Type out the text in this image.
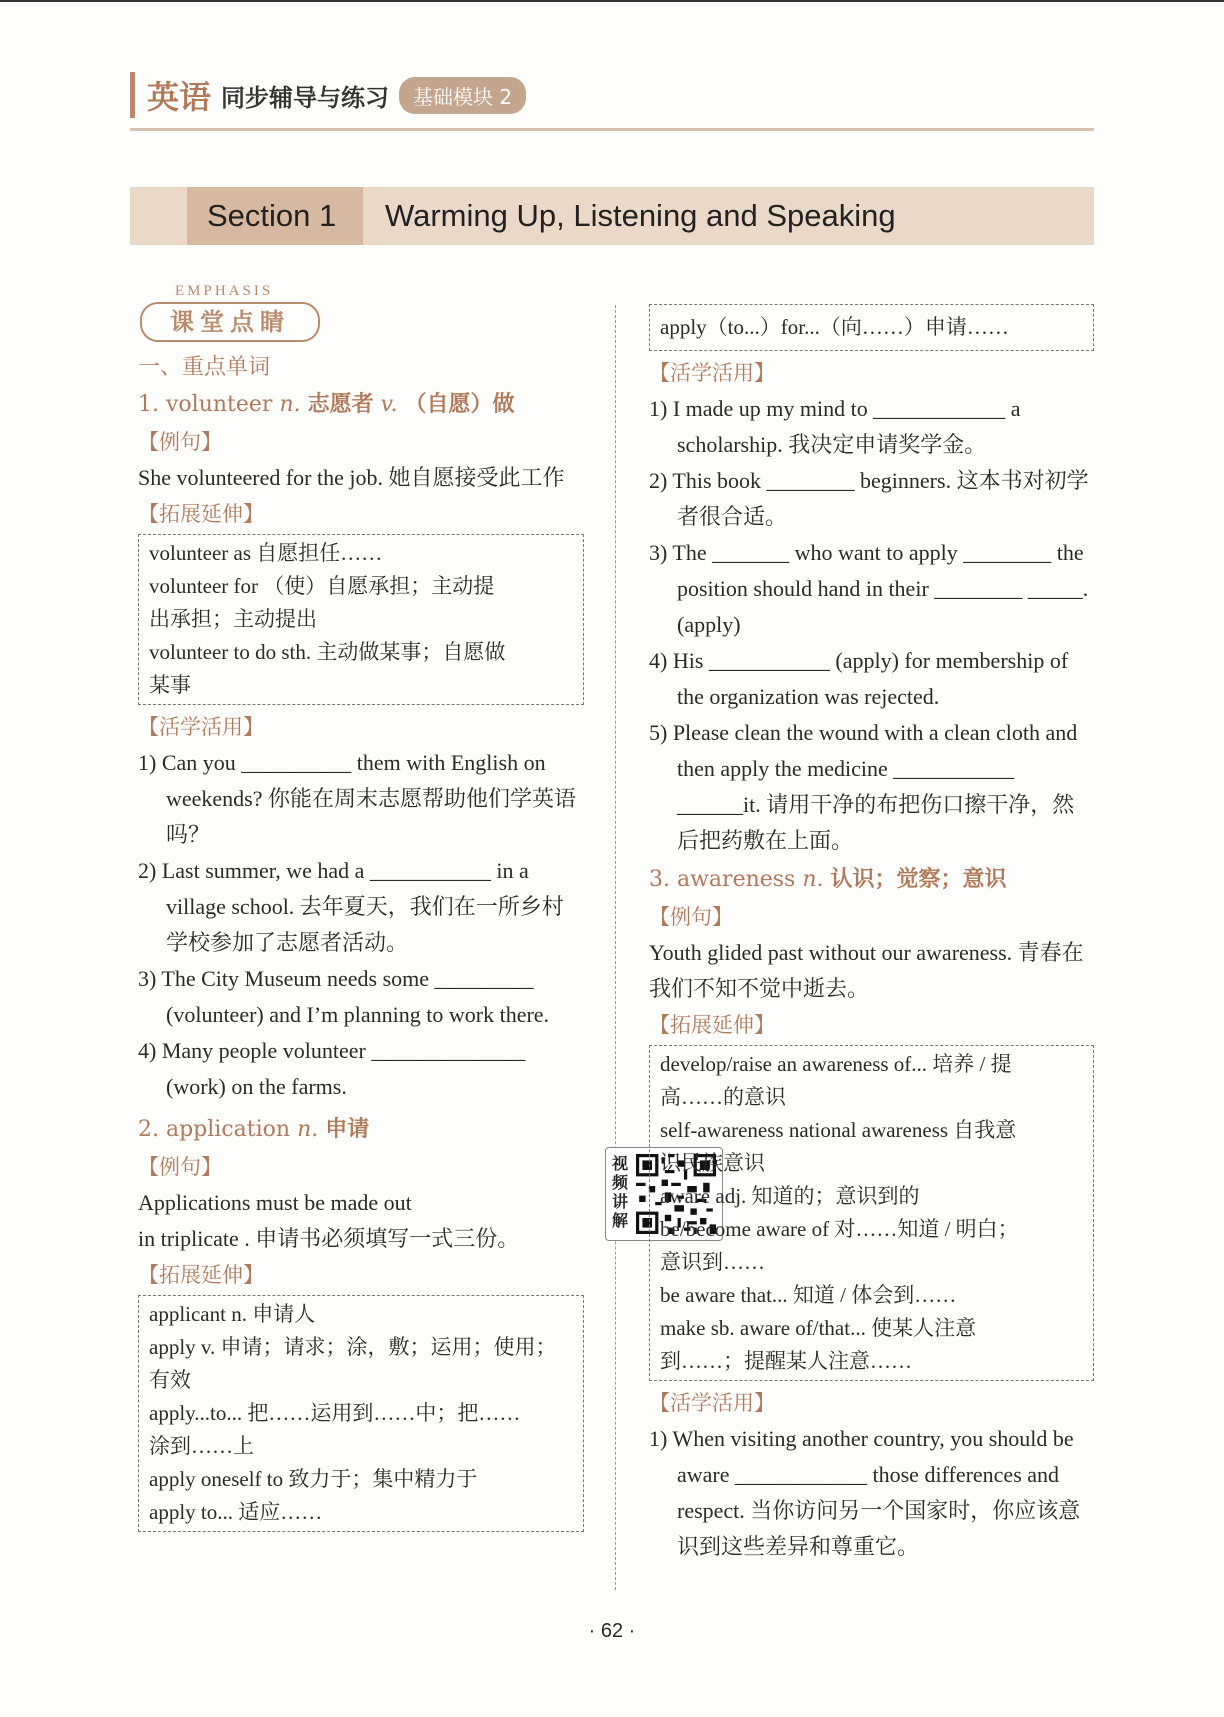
英语 同步辅导与练习	基础模块 2
Section 1	Warming Up, Listening and Speaking
EMPHASIS
课堂点睛
一、重点单词
1. volunteer n. 志愿者 v. （自愿）做
【例句】
She volunteered for the job. 她自愿接受此工作
【拓展延伸】
volunteer as 自愿担任……
volunteer for （使）自愿承担；主动提
出承担；主动提出
volunteer to do sth. 主动做某事；自愿做
某事
【活学活用】
1) Can you __________ them with English on weekends? 你能在周末志愿帮助他们学英语吗？
2) Last summer, we had a ___________ in a village school. 去年夏天，我们在一所乡村学校参加了志愿者活动。
3) The City Museum needs some _________ (volunteer) and I’m planning to work there.
4) Many people volunteer ______________ (work) on the farms.
2. application n. 申请
【例句】
Applications must be made out
in triplicate . 申请书必须填写一式三份。
【拓展延伸】
applicant n. 申请人
apply v. 申请；请求；涂，敷；运用；使用；
有效
apply...to... 把……运用到……中；把……
涂到……上
apply oneself to 致力于；集中精力于
apply to... 适应……
视频讲解
apply（to...）for...（向……）申请……
【活学活用】
1) I made up my mind to ____________ a scholarship. 我决定申请奖学金。
2) This book ________ beginners. 这本书对初学者很合适。
3) The _______ who want to apply ________ the position should hand in their ________ _____. (apply)
4) His ___________ (apply) for membership of the organization was rejected.
5) Please clean the wound with a clean cloth and then apply the medicine ___________ ______it. 请用干净的布把伤口擦干净，然后把药敷在上面。
3. awareness n. 认识；觉察；意识
【例句】
Youth glided past without our awareness. 青春在我们不知不觉中逝去。
【拓展延伸】
develop/raise an awareness of... 培养 / 提
高……的意识
self-awareness national awareness 自我意
识民族意识
aware adj. 知道的；意识到的
be/become aware of 对……知道 / 明白；
意识到……
be aware that... 知道 / 体会到……
make sb. aware of/that... 使某人注意
到……；提醒某人注意……
【活学活用】
1) When visiting another country, you should be aware ____________ those differences and respect. 当你访问另一个国家时，你应该意识到这些差异和尊重它。
· 62 ·
